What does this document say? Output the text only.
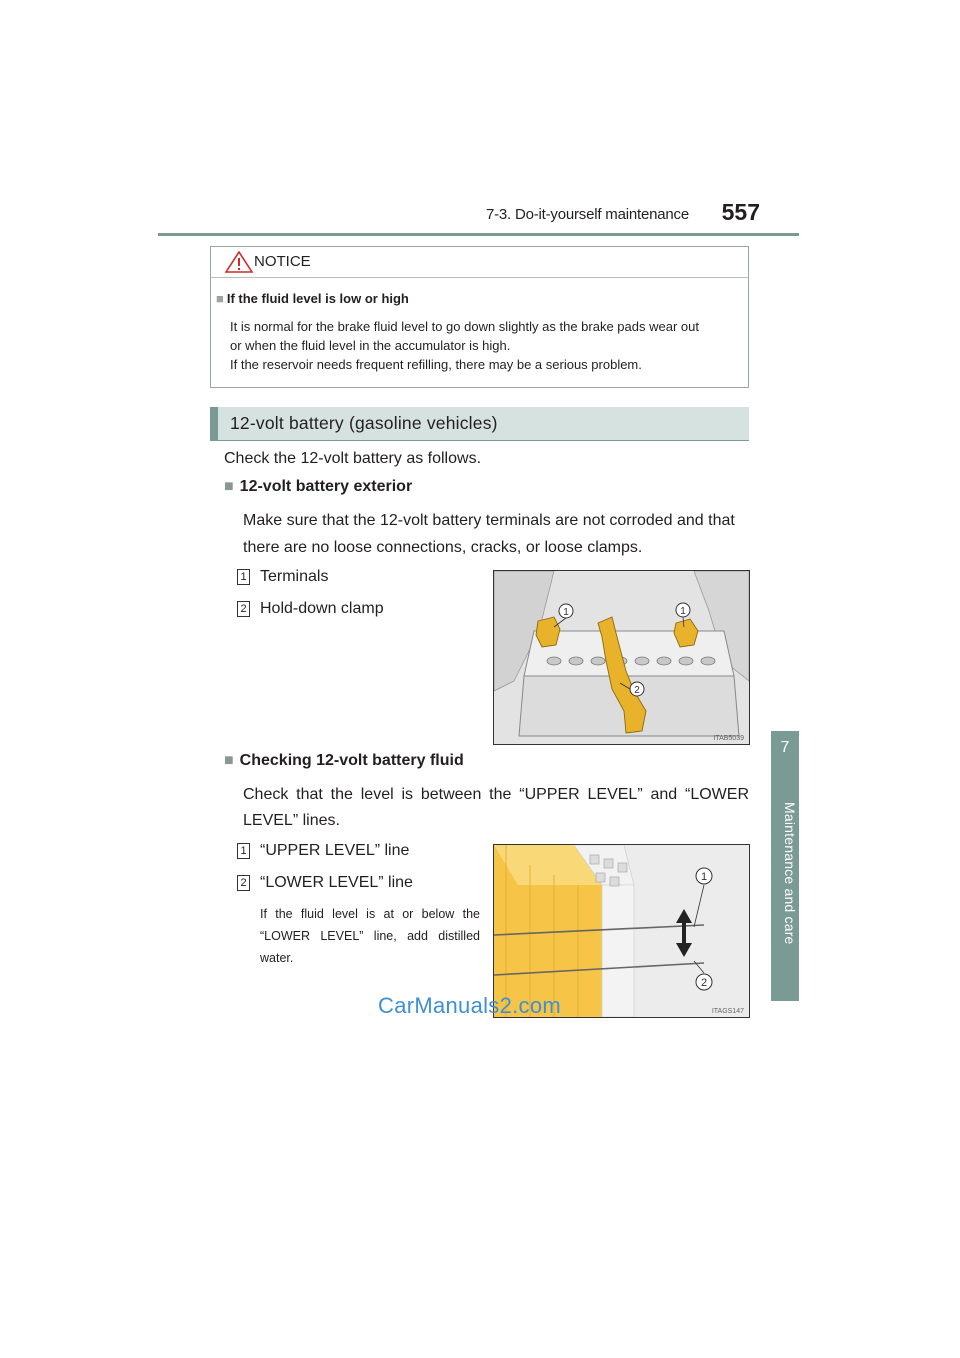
7-3. Do-it-yourself maintenance	557
7
Maintenance and care
NOTICE
■ If the fluid level is low or high
It is normal for the brake fluid level to go down slightly as the brake pads wear out
or when the fluid level in the accumulator is high.
If the reservoir needs frequent refilling, there may be a serious problem.
12-volt battery (gasoline vehicles)
Check the 12-volt battery as follows.
■ 12-volt battery exterior
Make sure that the 12-volt battery terminals are not corroded and that
there are no loose connections, cracks, or loose clamps.
1 Terminals
2 Hold-down clamp	1	1
2
ITAB5039
■ Checking 12-volt battery fluid
Check that the level is between the “UPPER LEVEL” and “LOWER
LEVEL” lines.
1 “UPPER LEVEL” line
2 “LOWER LEVEL” line
If the fluid level is at or below the
“LOWER LEVEL” line, add distilled
water.
1
2
ITAGS147
CarManuals2.com
